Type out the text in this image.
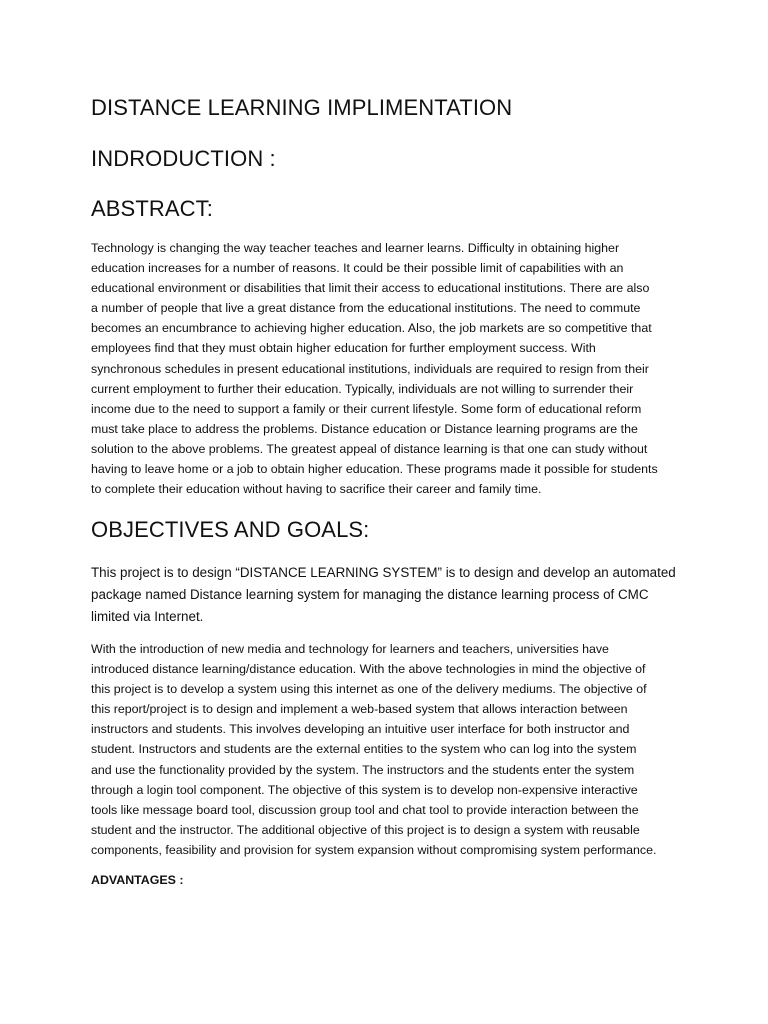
DISTANCE LEARNING IMPLIMENTATION
INDRODUCTION :
ABSTRACT:

Technology is changing the way teacher teaches and learner learns. Difficulty in obtaining higher
education increases for a number of reasons. It could be their possible limit of capabilities with an
educational environment or disabilities that limit their access to educational institutions. There are also
a number of people that live a great distance from the educational institutions. The need to commute
becomes an encumbrance to achieving higher education. Also, the job markets are so competitive that
employees find that they must obtain higher education for further employment success. With
synchronous schedules in present educational institutions, individuals are required to resign from their
current employment to further their education. Typically, individuals are not willing to surrender their
income due to the need to support a family or their current lifestyle. Some form of educational reform
must take place to address the problems. Distance education or Distance learning programs are the
solution to the above problems. The greatest appeal of distance learning is that one can study without
having to leave home or a job to obtain higher education. These programs made it possible for students
to complete their education without having to sacrifice their career and family time.

OBJECTIVES AND GOALS:

This project is to design “DISTANCE LEARNING SYSTEM” is to design and develop an automated
package named Distance learning system for managing the distance learning process of CMC
limited via Internet.

With the introduction of new media and technology for learners and teachers, universities have
introduced distance learning/distance education. With the above technologies in mind the objective of
this project is to develop a system using this internet as one of the delivery mediums. The objective of
this report/project is to design and implement a web-based system that allows interaction between
instructors and students. This involves developing an intuitive user interface for both instructor and
student. Instructors and students are the external entities to the system who can log into the system
and use the functionality provided by the system. The instructors and the students enter the system
through a login tool component. The objective of this system is to develop non-expensive interactive
tools like message board tool, discussion group tool and chat tool to provide interaction between the
student and the instructor. The additional objective of this project is to design a system with reusable
components, feasibility and provision for system expansion without compromising system performance.

ADVANTAGES :
